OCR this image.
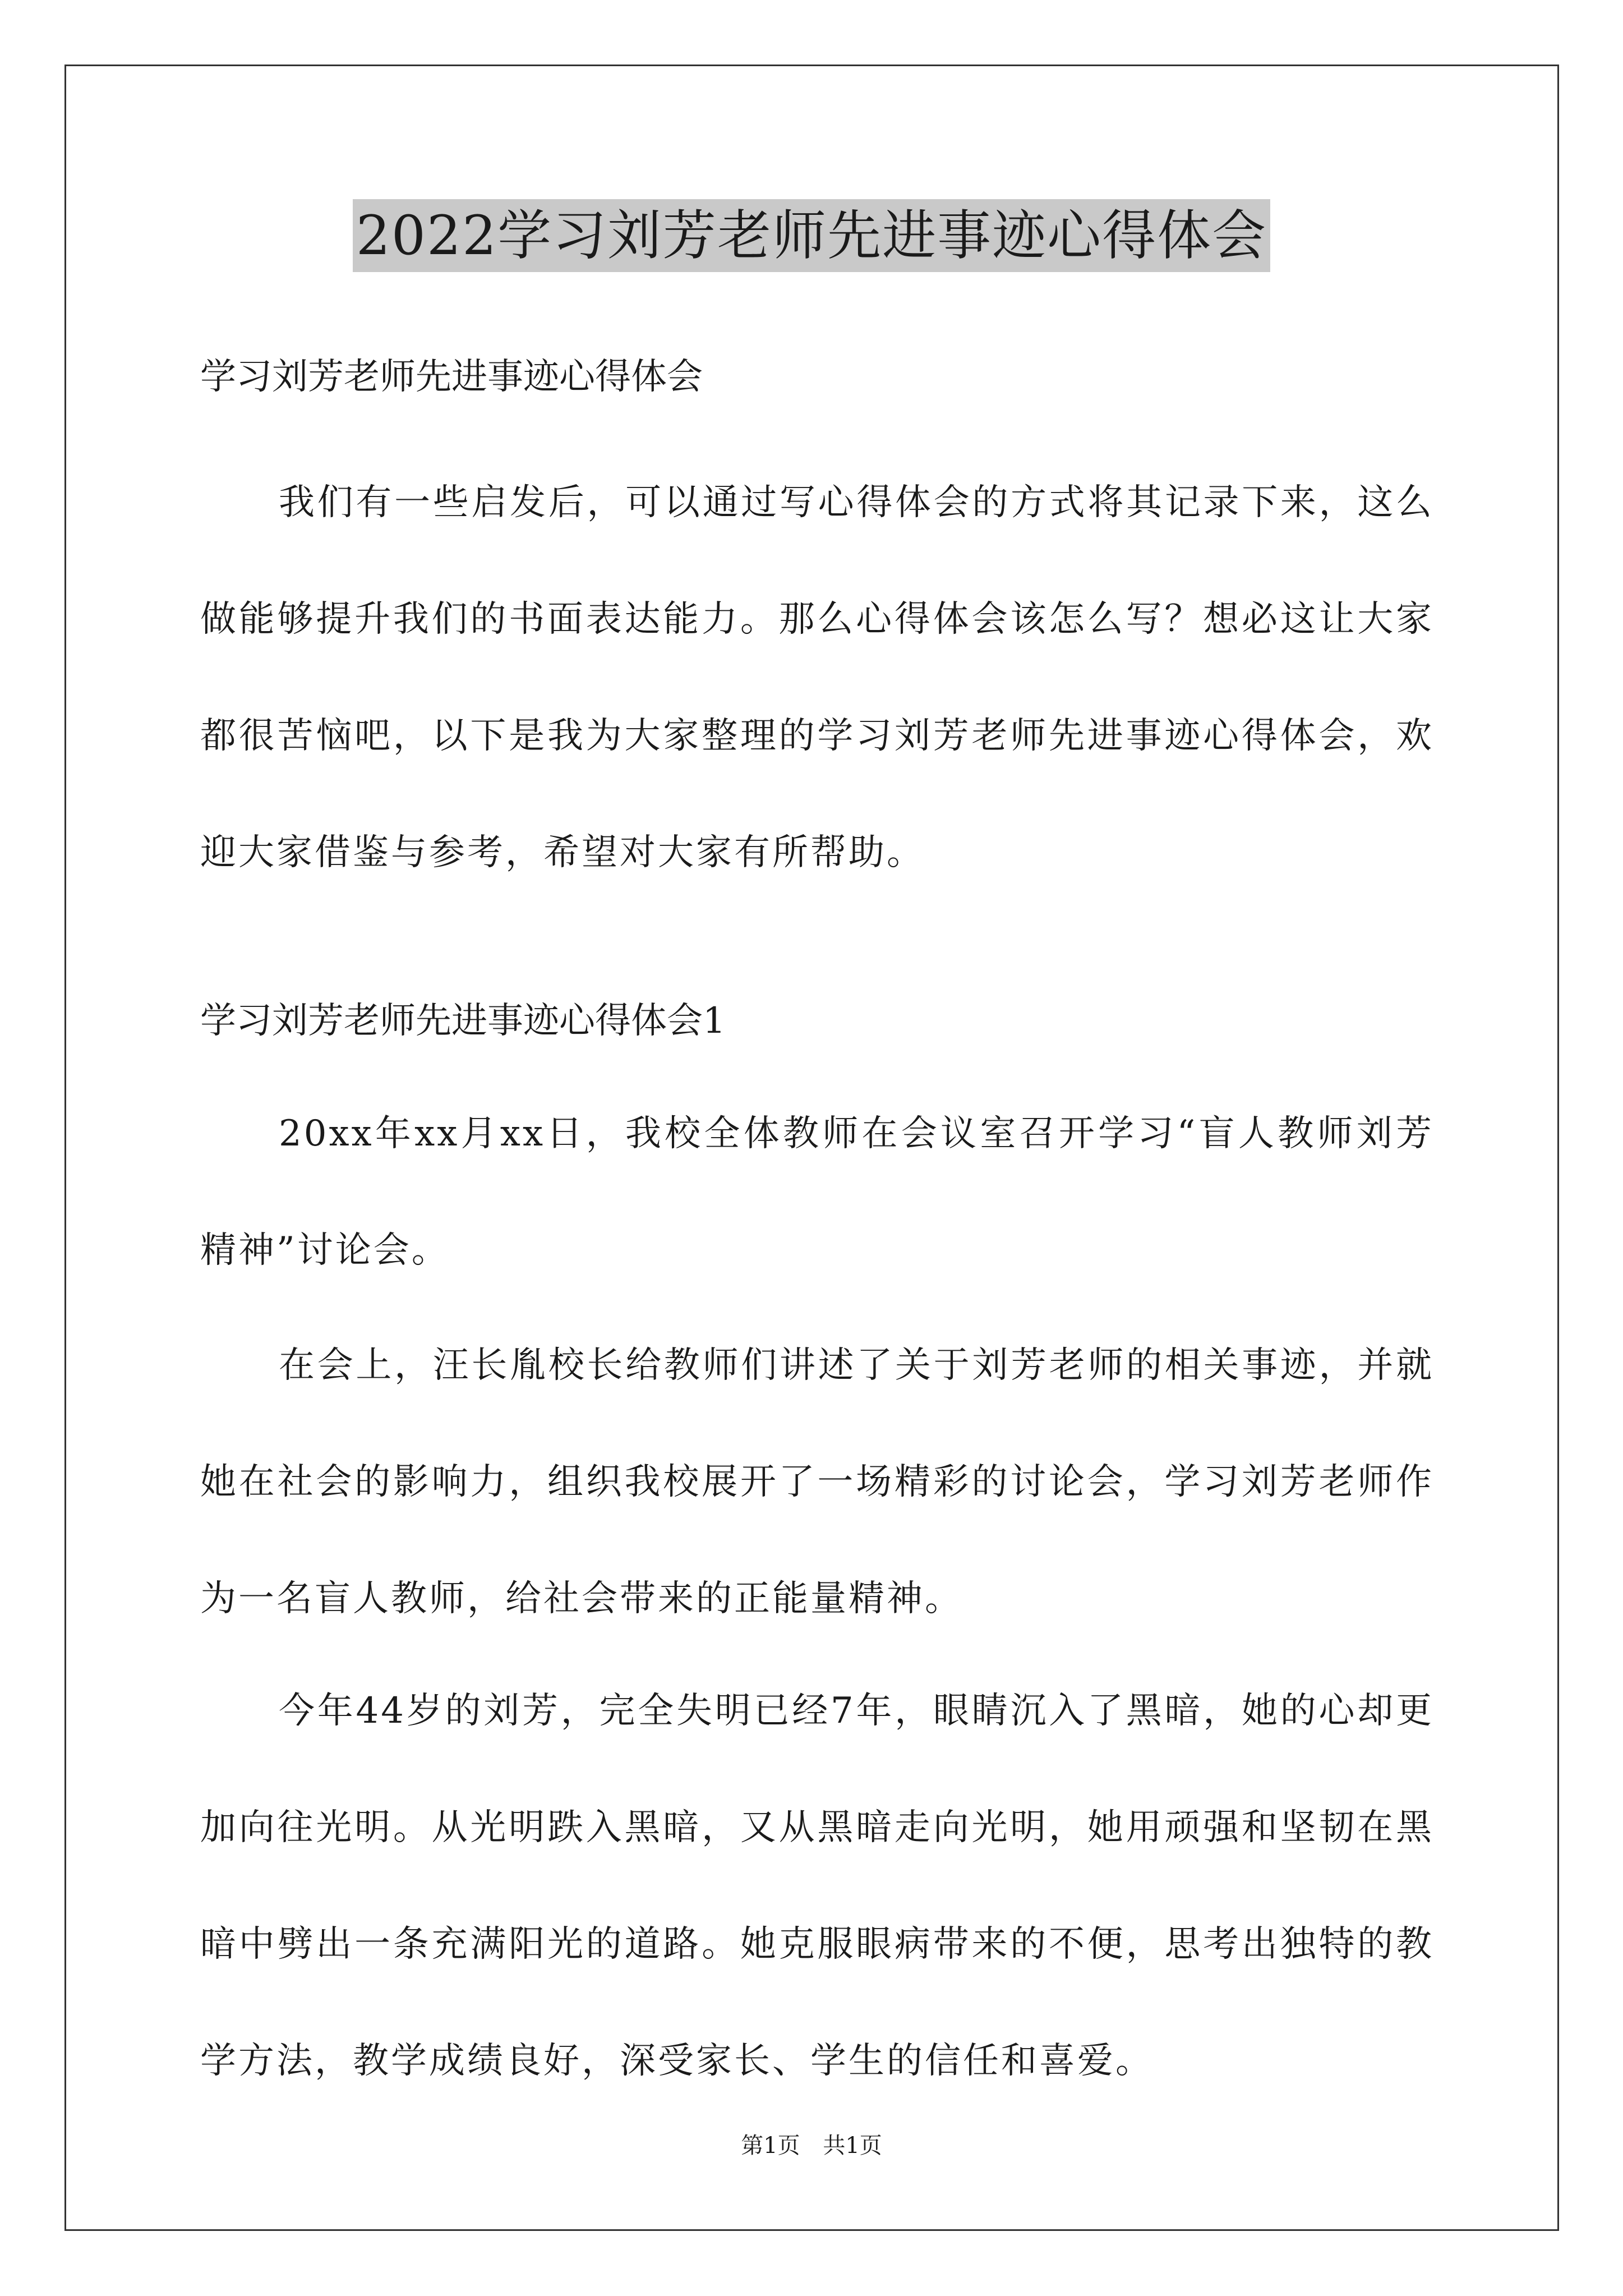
2022学习刘芳老师先进事迹心得体会
学习刘芳老师先进事迹心得体会
我们有一些启发后，可以通过写心得体会的方式将其记录下来，这么做能够提升我们的书面表达能力。那么心得体会该怎么写？想必这让大家都很苦恼吧，以下是我为大家整理的学习刘芳老师先进事迹心得体会，欢迎大家借鉴与参考，希望对大家有所帮助。
学习刘芳老师先进事迹心得体会1
20xx年xx月xx日，我校全体教师在会议室召开学习“盲人教师刘芳精神”讨论会。
在会上，汪长胤校长给教师们讲述了关于刘芳老师的相关事迹，并就她在社会的影响力，组织我校展开了一场精彩的讨论会，学习刘芳老师作为一名盲人教师，给社会带来的正能量精神。
今年44岁的刘芳，完全失明已经7年，眼睛沉入了黑暗，她的心却更加向往光明。从光明跌入黑暗，又从黑暗走向光明，她用顽强和坚韧在黑暗中劈出一条充满阳光的道路。她克服眼病带来的不便，思考出独特的教学方法，教学成绩良好，深受家长、学生的信任和喜爱。
第1页 共1页
